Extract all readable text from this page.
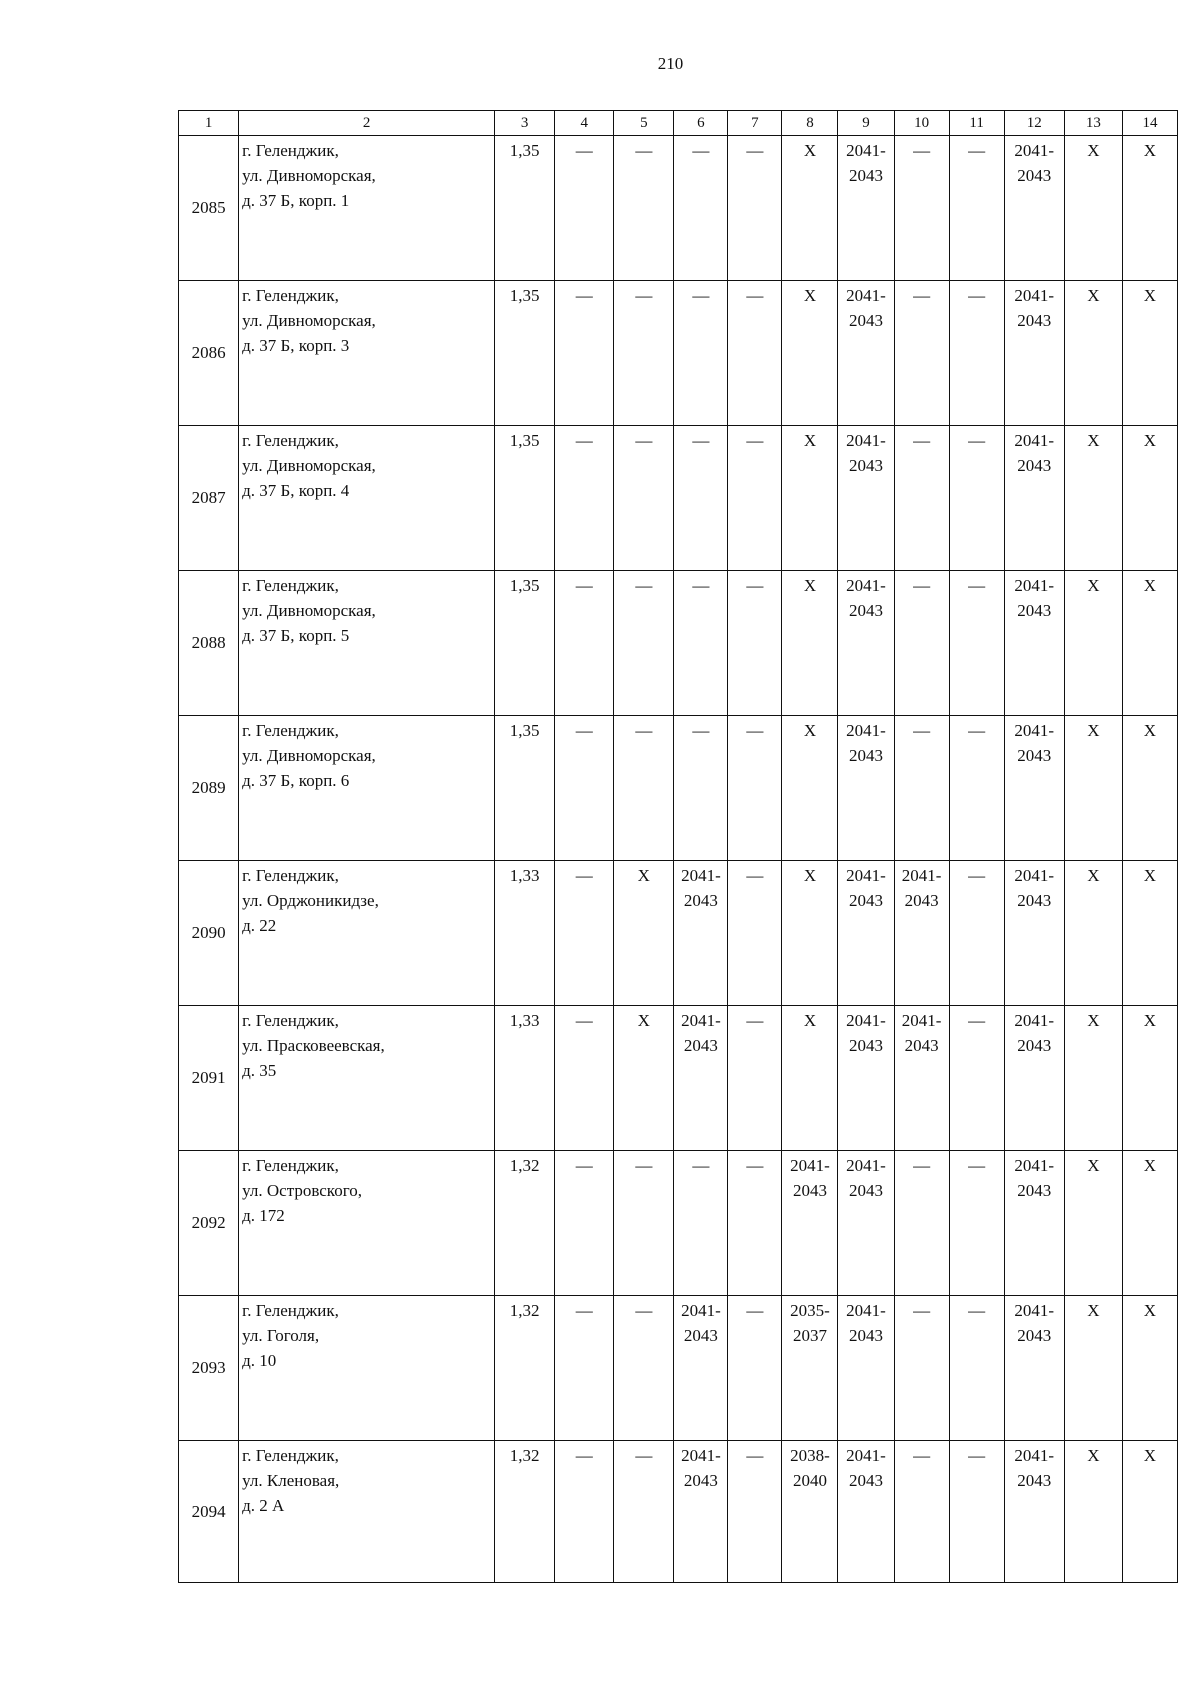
210
1	2	3	4	5	6	7	8	9	10	11	12	13	14
2085	г. Геленджик,
ул. Дивноморская,
д. 37 Б, корп. 1	1,35	—	—	—	—	Х	2041-
2043	—	—	2041-
2043	Х	Х

2086	г. Геленджик,
ул. Дивноморская,
д. 37 Б, корп. 3	1,35	—	—	—	—	Х	2041-
2043	—	—	2041-
2043	Х	Х

2087	г. Геленджик,
ул. Дивноморская,
д. 37 Б, корп. 4	1,35	—	—	—	—	Х	2041-
2043	—	—	2041-
2043	Х	Х

2088	г. Геленджик,
ул. Дивноморская,
д. 37 Б, корп. 5	1,35	—	—	—	—	Х	2041-
2043	—	—	2041-
2043	Х	Х

2089	г. Геленджик,
ул. Дивноморская,
д. 37 Б, корп. 6	1,35	—	—	—	—	Х	2041-
2043	—	—	2041-
2043	Х	Х

2090	г. Геленджик,
ул. Орджоникидзе,
д. 22	1,33	—	Х	2041-
2043	—	Х	2041-
2043	2041-
2043	—	2041-
2043	Х	Х

2091	г. Геленджик,
ул. Прасковеевская,
д. 35	1,33	—	Х	2041-
2043	—	Х	2041-
2043	2041-
2043	—	2041-
2043	Х	Х

2092	г. Геленджик,
ул. Островского,
д. 172	1,32	—	—	—	—	2041-
2043	2041-
2043	—	—	2041-
2043	Х	Х

2093	г. Геленджик,
ул. Гоголя,
д. 10	1,32	—	—	2041-
2043	—	2035-
2037	2041-
2043	—	—	2041-
2043	Х	Х

2094	г. Геленджик,
ул. Кленовая,
д. 2 А	1,32	—	—	2041-
2043	—	2038-
2040	2041-
2043	—	—	2041-
2043	Х	Х
